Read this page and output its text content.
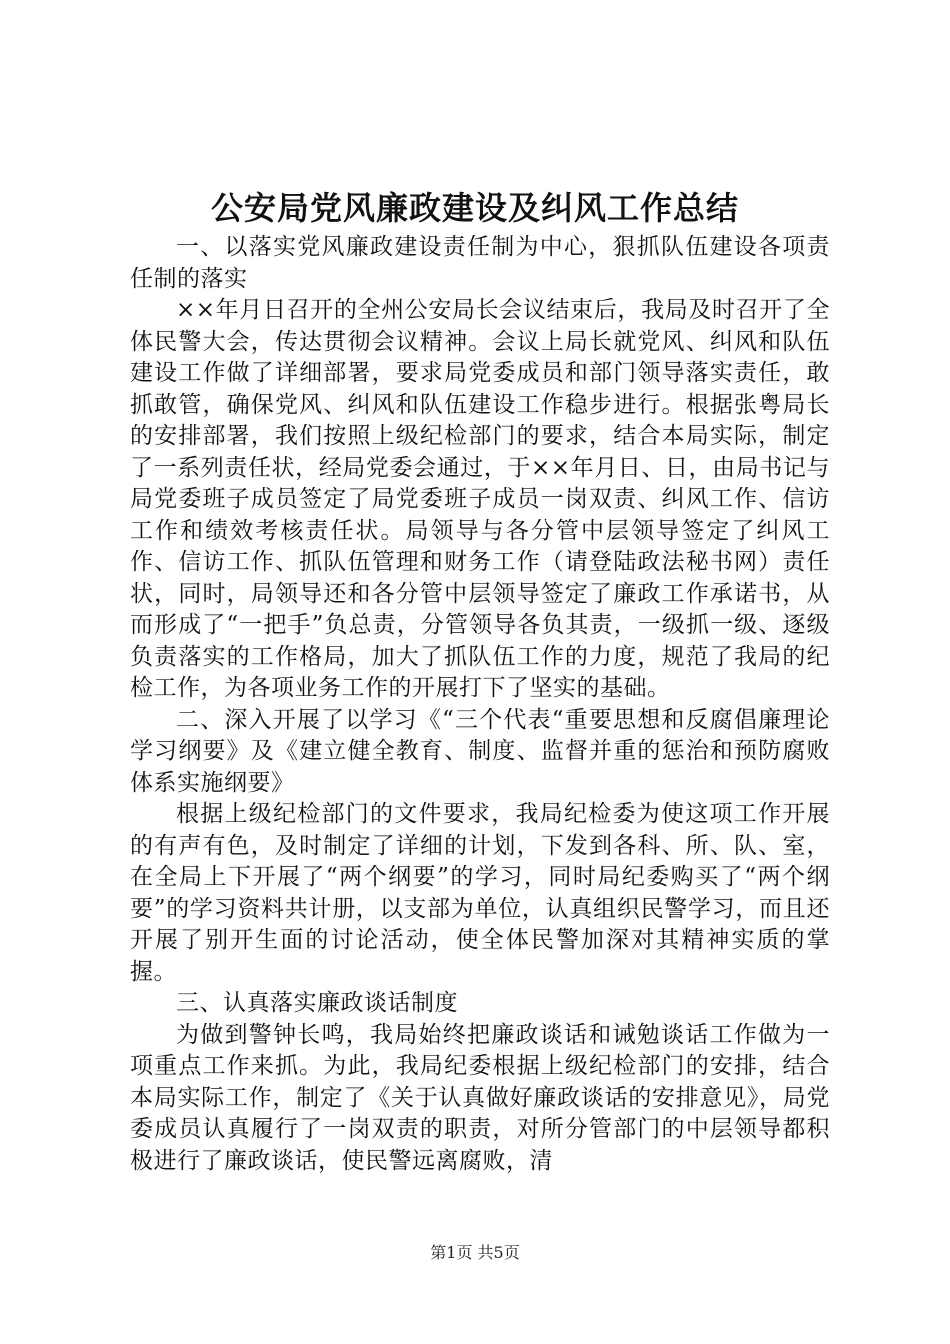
公安局党风廉政建设及纠风工作总结

一、以落实党风廉政建设责任制为中心，狠抓队伍建设各项责任制的落实

××年月日召开的全州公安局长会议结束后，我局及时召开了全体民警大会，传达贯彻会议精神。会议上局长就党风、纠风和队伍建设工作做了详细部署，要求局党委成员和部门领导落实责任，敢抓敢管，确保党风、纠风和队伍建设工作稳步进行。根据张粤局长的安排部署，我们按照上级纪检部门的要求，结合本局实际，制定了一系列责任状，经局党委会通过，于××年月日、日，由局书记与局党委班子成员签定了局党委班子成员一岗双责、纠风工作、信访工作和绩效考核责任状。局领导与各分管中层领导签定了纠风工作、信访工作、抓队伍管理和财务工作（请登陆政法秘书网）责任状，同时，局领导还和各分管中层领导签定了廉政工作承诺书，从而形成了“一把手”负总责，分管领导各负其责，一级抓一级、逐级负责落实的工作格局，加大了抓队伍工作的力度，规范了我局的纪检工作，为各项业务工作的开展打下了坚实的基础。

二、深入开展了以学习《“三个代表“重要思想和反腐倡廉理论学习纲要》及《建立健全教育、制度、监督并重的惩治和预防腐败体系实施纲要》

根据上级纪检部门的文件要求，我局纪检委为使这项工作开展的有声有色，及时制定了详细的计划，下发到各科、所、队、室，在全局上下开展了“两个纲要”的学习，同时局纪委购买了“两个纲要”的学习资料共计册，以支部为单位，认真组织民警学习，而且还开展了别开生面的讨论活动，使全体民警加深对其精神实质的掌握。

三、认真落实廉政谈话制度

为做到警钟长鸣，我局始终把廉政谈话和诫勉谈话工作做为一项重点工作来抓。为此，我局纪委根据上级纪检部门的安排，结合本局实际工作，制定了《关于认真做好廉政谈话的安排意见》，局党委成员认真履行了一岗双责的职责，对所分管部门的中层领导都积极进行了廉政谈话，使民警远离腐败，清

第1页 共5页
